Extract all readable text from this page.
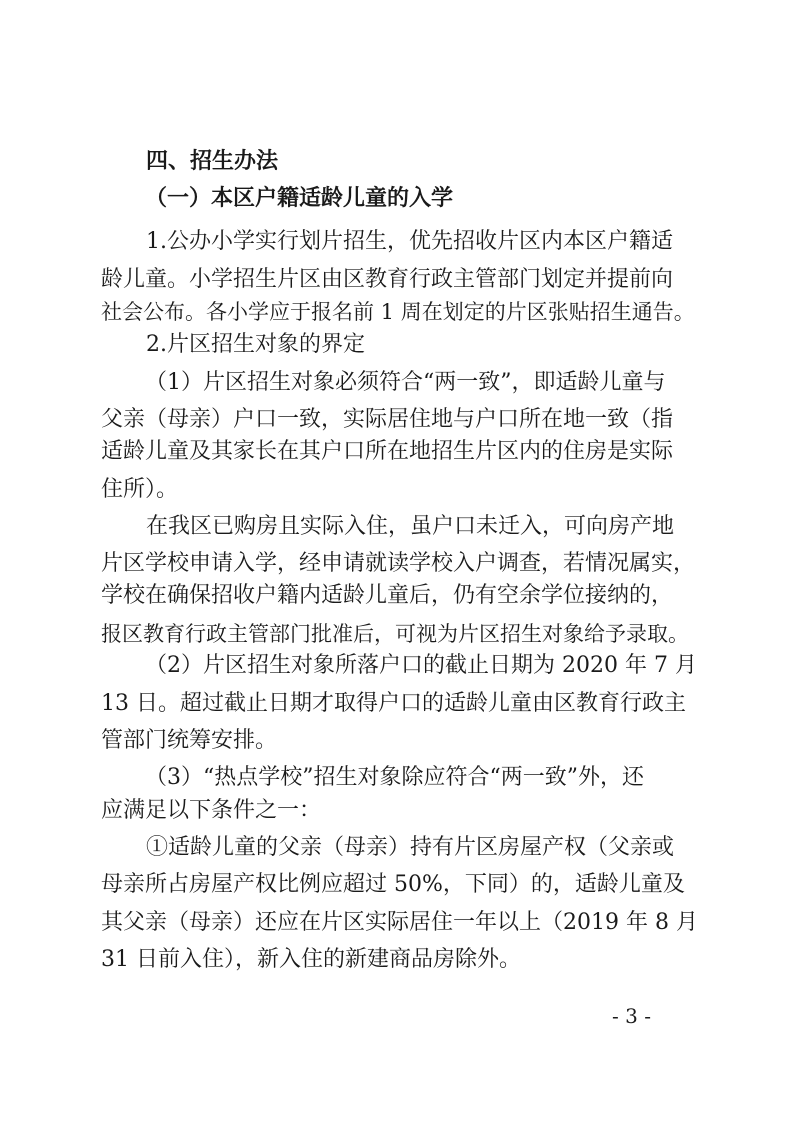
四、招生办法
（一）本区户籍适龄儿童的入学
1.公办小学实行划片招生，优先招收片区内本区户籍适
龄儿童。小学招生片区由区教育行政主管部门划定并提前向
社会公布。各小学应于报名前 1 周在划定的片区张贴招生通告。
2.片区招生对象的界定
（1）片区招生对象必须符合“两一致”，即适龄儿童与
父亲（母亲）户口一致，实际居住地与户口所在地一致（指
适龄儿童及其家长在其户口所在地招生片区内的住房是实际
住所）。
在我区已购房且实际入住，虽户口未迁入，可向房产地
片区学校申请入学，经申请就读学校入户调查，若情况属实，
学校在确保招收户籍内适龄儿童后，仍有空余学位接纳的，
报区教育行政主管部门批准后，可视为片区招生对象给予录取。
（2）片区招生对象所落户口的截止日期为 2020 年 7 月
13 日。超过截止日期才取得户口的适龄儿童由区教育行政主
管部门统筹安排。
（3）“热点学校”招生对象除应符合“两一致”外，还
应满足以下条件之一：
①适龄儿童的父亲（母亲）持有片区房屋产权（父亲或
母亲所占房屋产权比例应超过 50%，下同）的，适龄儿童及
其父亲（母亲）还应在片区实际居住一年以上（2019 年 8 月
31 日前入住），新入住的新建商品房除外。
- 3 -
